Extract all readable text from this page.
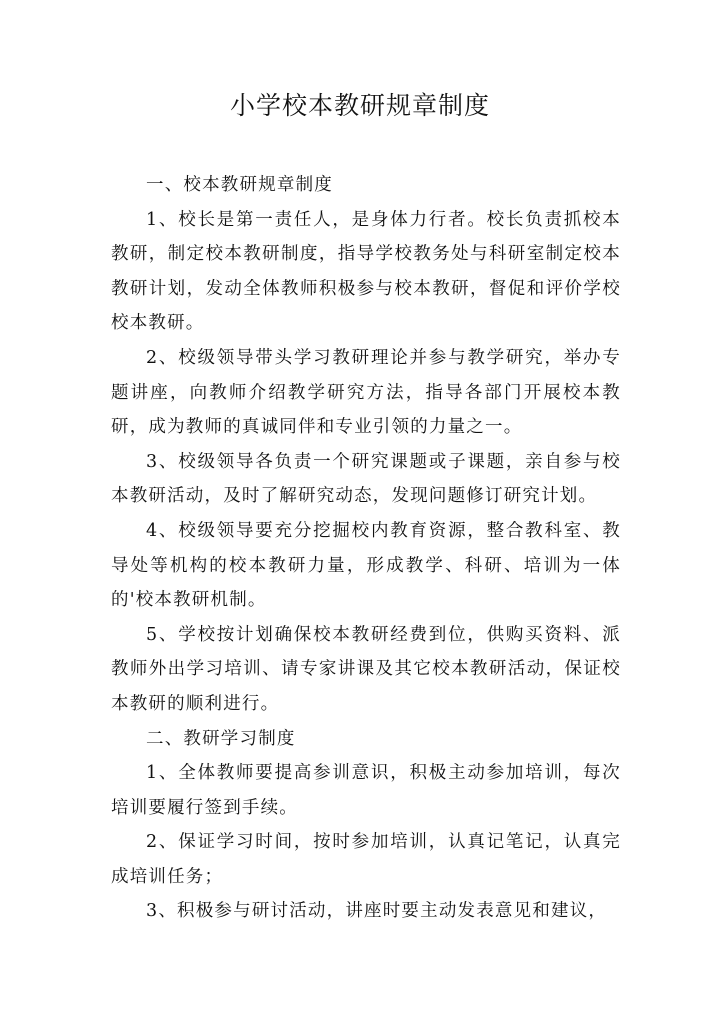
小学校本教研规章制度

一、校本教研规章制度

1、校长是第一责任人，是身体力行者。校长负责抓校本教研，制定校本教研制度，指导学校教务处与科研室制定校本教研计划，发动全体教师积极参与校本教研，督促和评价学校校本教研。

2、校级领导带头学习教研理论并参与教学研究，举办专题讲座，向教师介绍教学研究方法，指导各部门开展校本教研，成为教师的真诚同伴和专业引领的力量之一。

3、校级领导各负责一个研究课题或子课题，亲自参与校本教研活动，及时了解研究动态，发现问题修订研究计划。

4、校级领导要充分挖掘校内教育资源，整合教科室、教导处等机构的校本教研力量，形成教学、科研、培训为一体的'校本教研机制。

5、学校按计划确保校本教研经费到位，供购买资料、派教师外出学习培训、请专家讲课及其它校本教研活动，保证校本教研的顺利进行。

二、教研学习制度

1、全体教师要提高参训意识，积极主动参加培训，每次培训要履行签到手续。

2、保证学习时间，按时参加培训，认真记笔记，认真完成培训任务；

3、积极参与研讨活动，讲座时要主动发表意见和建议，
